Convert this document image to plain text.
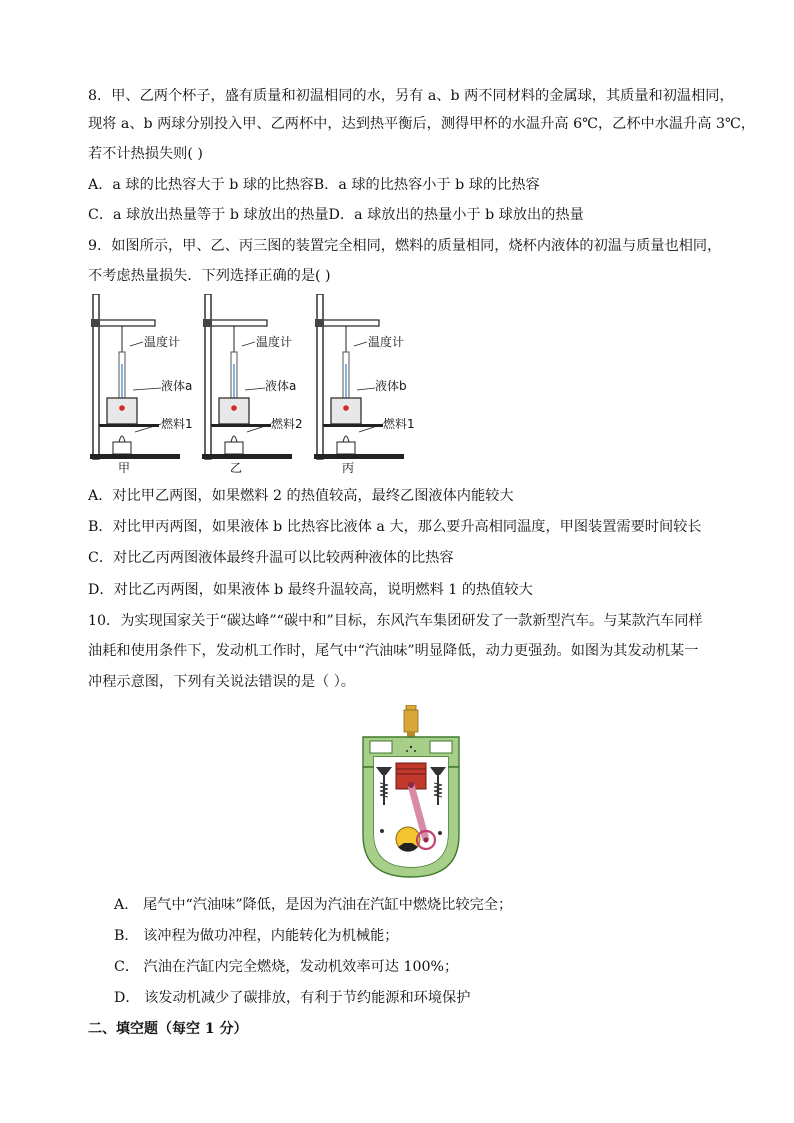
8．甲、乙两个杯子，盛有质量和初温相同的水，另有 a、b 两不同材料的金属球，其质量和初温相同，
现将 a、b 两球分别投入甲、乙两杯中，达到热平衡后，测得甲杯的水温升高 6℃，乙杯中水温升高 3℃，
若不计热损失则( )
A．a 球的比热容大于 b 球的比热容B．a 球的比热容小于 b 球的比热容
C．a 球放出热量等于 b 球放出的热量D．a 球放出的热量小于 b 球放出的热量
9．如图所示，甲、乙、丙三图的装置完全相同，燃料的质量相同，烧杯内液体的初温与质量也相同，
不考虑热量损失．下列选择正确的是( )
温度计
液体a
燃料1
甲
温度计
液体a
燃料2
乙
温度计
液体b
燃料1
丙
A．对比甲乙两图，如果燃料 2 的热值较高，最终乙图液体内能较大
B．对比甲丙两图，如果液体 b 比热容比液体 a 大，那么要升高相同温度，甲图装置需要时间较长
C．对比乙丙两图液体最终升温可以比较两种液体的比热容
D．对比乙丙两图，如果液体 b 最终升温较高，说明燃料 1 的热值较大
10．为实现国家关于“碳达峰”“碳中和”目标，东风汽车集团研发了一款新型汽车。与某款汽车同样
油耗和使用条件下，发动机工作时，尾气中“汽油味”明显降低，动力更强劲。如图为其发动机某一
冲程示意图，下列有关说法错误的是（ ）。
A． 尾气中“汽油味”降低，是因为汽油在汽缸中燃烧比较完全；
B． 该冲程为做功冲程，内能转化为机械能；
C． 汽油在汽缸内完全燃烧，发动机效率可达 100%；
D． 该发动机减少了碳排放，有利于节约能源和环境保护
二、填空题（每空 1 分）
